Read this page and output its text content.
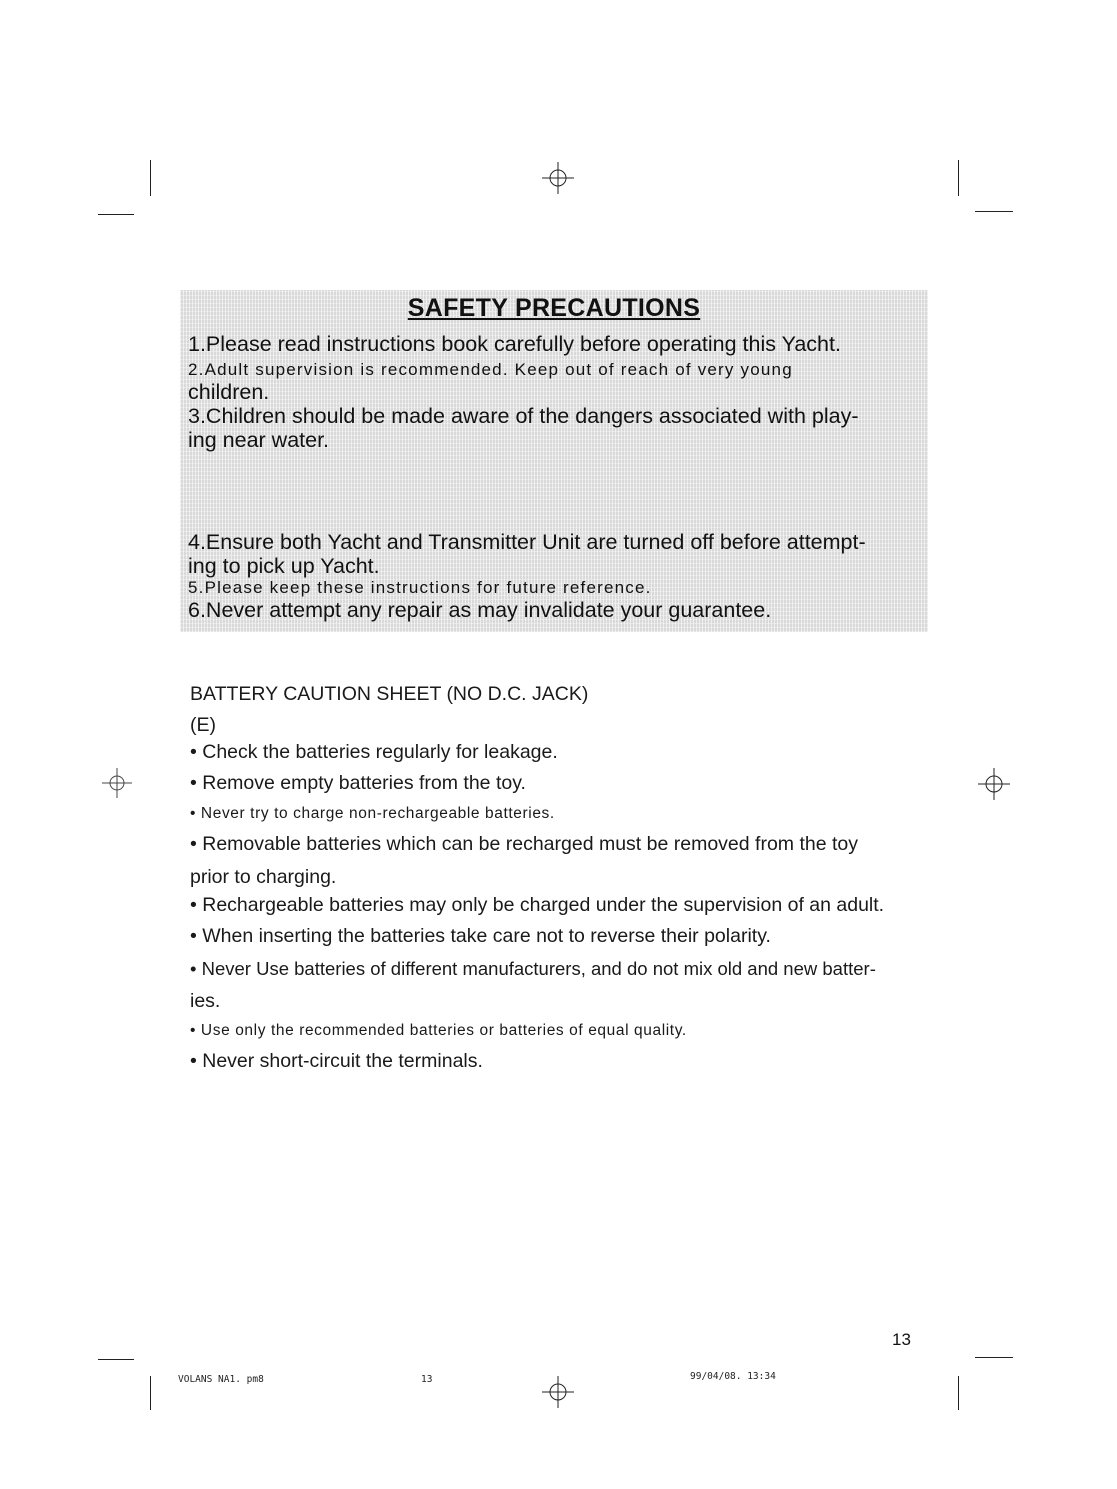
SAFETY PRECAUTIONS
1.Please read instructions book carefully before operating this Yacht.
2.Adult supervision is recommended. Keep out of reach of very young
children.
3.Children should be made aware of the dangers associated with play-
ing near water.
4.Ensure both Yacht and Transmitter Unit are turned off before attempt-
ing to pick up Yacht.
5.Please keep these instructions for future reference.
6.Never attempt any repair as may invalidate your guarantee.
BATTERY CAUTION SHEET (NO D.C. JACK)
(E)
• Check the batteries regularly for leakage.
• Remove empty batteries from the toy.
• Never try to charge non-rechargeable batteries.
• Removable batteries which can be recharged must be removed from the toy
prior to charging.
• Rechargeable batteries may only be charged under the supervision of an adult.
• When inserting the batteries take care not to reverse their polarity.
• Never Use batteries of different manufacturers, and do not mix old and new batter-
ies.
• Use only the recommended batteries or batteries of equal quality.
• Never short-circuit the terminals.
13
VOLANS NA1. pm8	13	99/04/08. 13:34
